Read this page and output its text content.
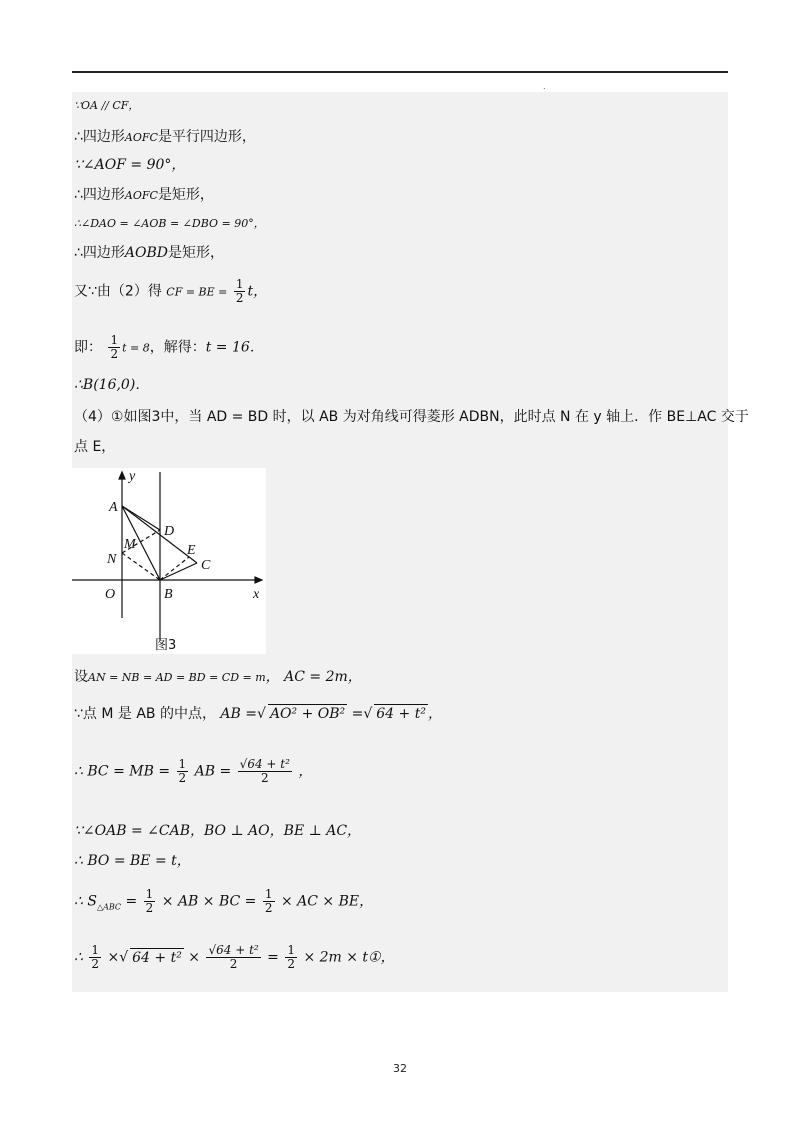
.
∵OA // CF，
∴四边形AOFC是平行四边形，
∵∠AOF = 90°，
∴四边形AOFC是矩形，
∴∠DAO = ∠AOB = ∠DBO = 90°，
∴四边形AOBD是矩形，
又∵由（2）得 CF = BE = $\frac{1}{2}$ t，
即： $\frac{1}{2}$ t = 8，解得：t = 16．
∴B(16,0)．
（4）①如图3中，当 AD = BD 时，以 AB 为对角线可得菱形 ADBN，此时点 N 在 y 轴上．作 BE⊥AC 交于
点 E，
y
x
A
D
M
N
E
C
O	B
图3
设AN = NB = AD = BD = CD = m， AC = 2m，
∵点 M 是 AB 的中点， AB =√ AO² + OB² =√ 64 + t² ，
∴ BC = MB = $\frac{1}{2}$ AB = $\frac{\text{√64 + t²}}{2}$ ，
∵∠OAB = ∠CAB，BO ⊥ AO，BE ⊥ AC，
∴ BO = BE = t，
∴ $S_{\triangle ABC} = \frac{1}{2}$ × AB × BC = $\frac{1}{2}$ × AC × BE，
∴ $\frac{1}{2}$ ×√ $64 + t^2 \times \frac{\text{√64 + t²}}{2} = \frac{1}{2} \times 2m$ × t①，
32
